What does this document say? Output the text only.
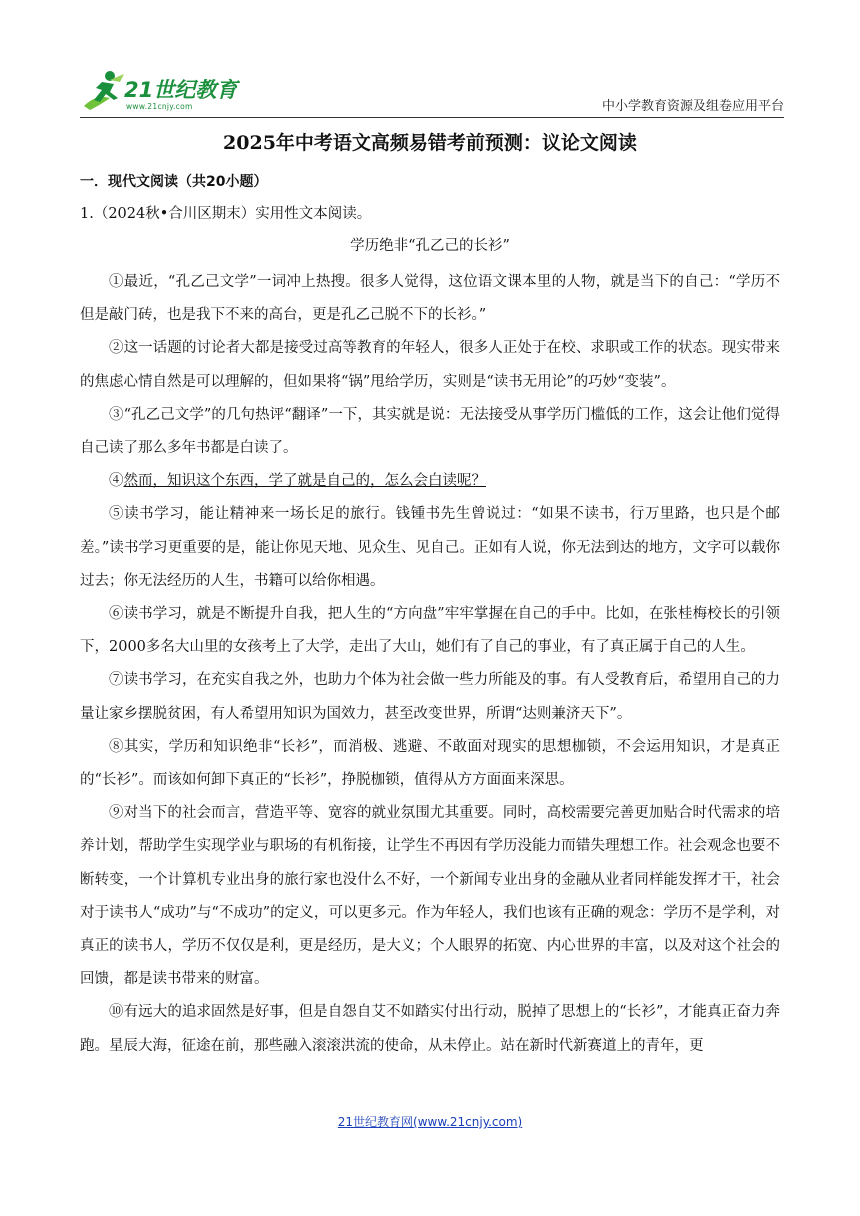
21世纪教育
www.21cnjy.com	中小学教育资源及组卷应用平台
2025年中考语文高频易错考前预测：议论文阅读
一．现代文阅读（共20小题）
1.（2024秋•合川区期末）实用性文本阅读。
学历绝非“孔乙己的长衫”

①最近，“孔乙己文学”一词冲上热搜。很多人觉得，这位语文课本里的人物，就是当下的自己：“学历不但是敲门砖，也是我下不来的高台，更是孔乙己脱不下的长衫。”

②这一话题的讨论者大都是接受过高等教育的年轻人，很多人正处于在校、求职或工作的状态。现实带来的焦虑心情自然是可以理解的，但如果将“锅”甩给学历，实则是“读书无用论”的巧妙“变装”。

③“孔乙己文学”的几句热评“翻译”一下，其实就是说：无法接受从事学历门槛低的工作，这会让他们觉得自己读了那么多年书都是白读了。

④然而，知识这个东西，学了就是自己的，怎么会白读呢？

⑤读书学习，能让精神来一场长足的旅行。钱锺书先生曾说过：“如果不读书，行万里路，也只是个邮差。”读书学习更重要的是，能让你见天地、见众生、见自己。正如有人说，你无法到达的地方，文字可以载你过去；你无法经历的人生，书籍可以给你相遇。

⑥读书学习，就是不断提升自我，把人生的“方向盘”牢牢掌握在自己的手中。比如，在张桂梅校长的引领下，2000多名大山里的女孩考上了大学，走出了大山，她们有了自己的事业，有了真正属于自己的人生。

⑦读书学习，在充实自我之外，也助力个体为社会做一些力所能及的事。有人受教育后，希望用自己的力量让家乡摆脱贫困，有人希望用知识为国效力，甚至改变世界，所谓“达则兼济天下”。

⑧其实，学历和知识绝非“长衫”，而消极、逃避、不敢面对现实的思想枷锁，不会运用知识，才是真正的“长衫”。而该如何卸下真正的“长衫”，挣脱枷锁，值得从方方面面来深思。

⑨对当下的社会而言，营造平等、宽容的就业氛围尤其重要。同时，高校需要完善更加贴合时代需求的培养计划，帮助学生实现学业与职场的有机衔接，让学生不再因有学历没能力而错失理想工作。社会观念也要不断转变，一个计算机专业出身的旅行家也没什么不好，一个新闻专业出身的金融从业者同样能发挥才干，社会对于读书人“成功”与“不成功”的定义，可以更多元。作为年轻人，我们也该有正确的观念：学历不是学利，对真正的读书人，学历不仅仅是利，更是经历，是大义；个人眼界的拓宽、内心世界的丰富，以及对这个社会的回馈，都是读书带来的财富。

⑩有远大的追求固然是好事，但是自怨自艾不如踏实付出行动，脱掉了思想上的“长衫”，才能真正奋力奔跑。星辰大海，征途在前，那些融入滚滚洪流的使命，从未停止。站在新时代新赛道上的青年，更

21世纪教育网(www.21cnjy.com)
